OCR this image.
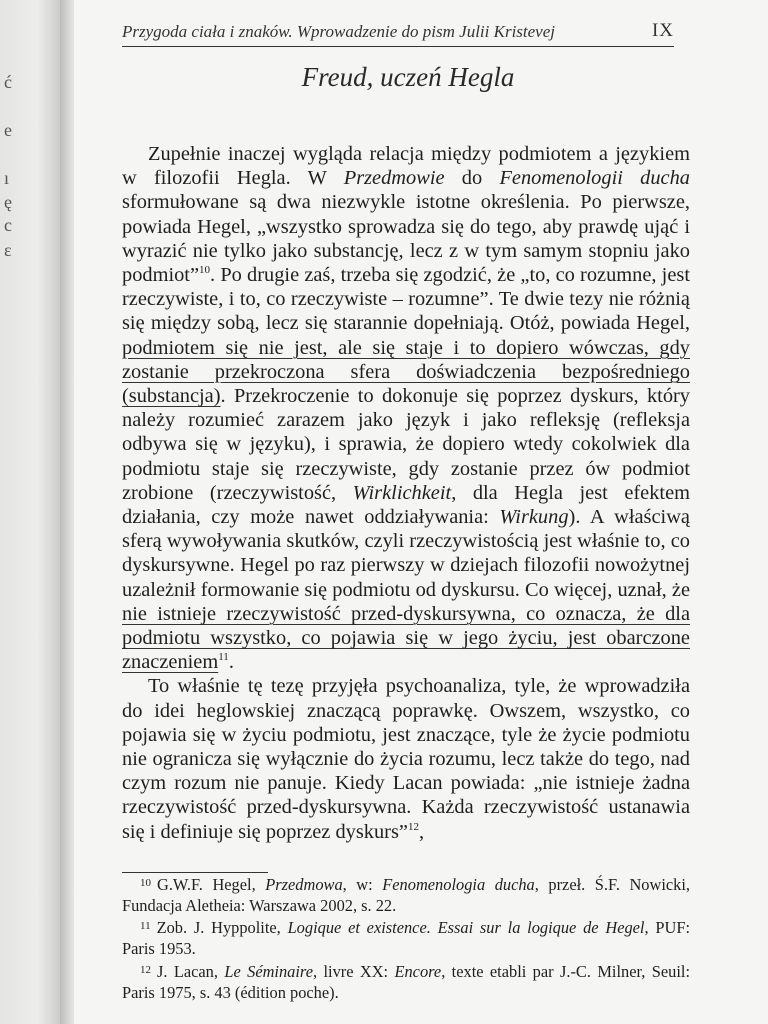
ć
e
ı
ę
c
ε
Przygoda ciała i znaków. Wprowadzenie do pism Julii Kristevej	IX
Freud, uczeń Hegla

Zupełnie inaczej wygląda relacja między podmiotem a językiem w filozofii Hegla. W Przedmowie do Fenomenologii ducha sformułowane są dwa niezwykle istotne określenia. Po pierwsze, powiada Hegel, „wszystko sprowadza się do tego, aby prawdę ująć i wyrazić nie tylko jako substancję, lecz z w tym samym stopniu jako podmiot”$^{10}$. Po drugie zaś, trzeba się zgodzić, że „to, co rozumne, jest rzeczywiste, i to, co rzeczywiste – rozumne”. Te dwie tezy nie różnią się między sobą, lecz się starannie dopełniają. Otóż, powiada Hegel, podmiotem się nie jest, ale się staje i to dopiero wówczas, gdy zostanie przekroczona sfera doświadczenia bezpośredniego (substancja). Przekroczenie to dokonuje się poprzez dyskurs, który należy rozumieć zarazem jako język i jako refleksję (refleksja odbywa się w języku), i sprawia, że dopiero wtedy cokolwiek dla podmiotu staje się rzeczywiste, gdy zostanie przez ów podmiot zrobione (rzeczywistość, Wirklichkeit, dla Hegla jest efektem działania, czy może nawet oddziaływania: Wirkung). A właściwą sferą wywoływania skutków, czyli rzeczywistością jest właśnie to, co dyskursywne. Hegel po raz pierwszy w dziejach filozofii nowożytnej uzależnił formowanie się podmiotu od dyskursu. Co więcej, uznał, że nie istnieje rzeczywistość przed-dyskursywna, co oznacza, że dla podmiotu wszystko, co pojawia się w jego życiu, jest obarczone znaczeniem$^{11}$.

To właśnie tę tezę przyjęła psychoanaliza, tyle, że wprowadziła do idei heglowskiej znaczącą poprawkę. Owszem, wszystko, co pojawia się w życiu podmiotu, jest znaczące, tyle że życie podmiotu nie ogranicza się wyłącznie do życia rozumu, lecz także do tego, nad czym rozum nie panuje. Kiedy Lacan powiada: „nie istnieje żadna rzeczywistość przed-dyskursywna. Każda rzeczywistość ustanawia się i definiuje się poprzez dyskurs”$^{12}$,

$^{10}$ G.W.F. Hegel, Przedmowa, w: Fenomenologia ducha, przeł. Ś.F. Nowicki, Fundacja Aletheia: Warszawa 2002, s. 22.

$^{11}$ Zob. J. Hyppolite, Logique et existence. Essai sur la logique de Hegel, PUF: Paris 1953.

$^{12}$ J. Lacan, Le Séminaire, livre XX: Encore, texte etabli par J.-C. Milner, Seuil: Paris 1975, s. 43 (édition poche).
